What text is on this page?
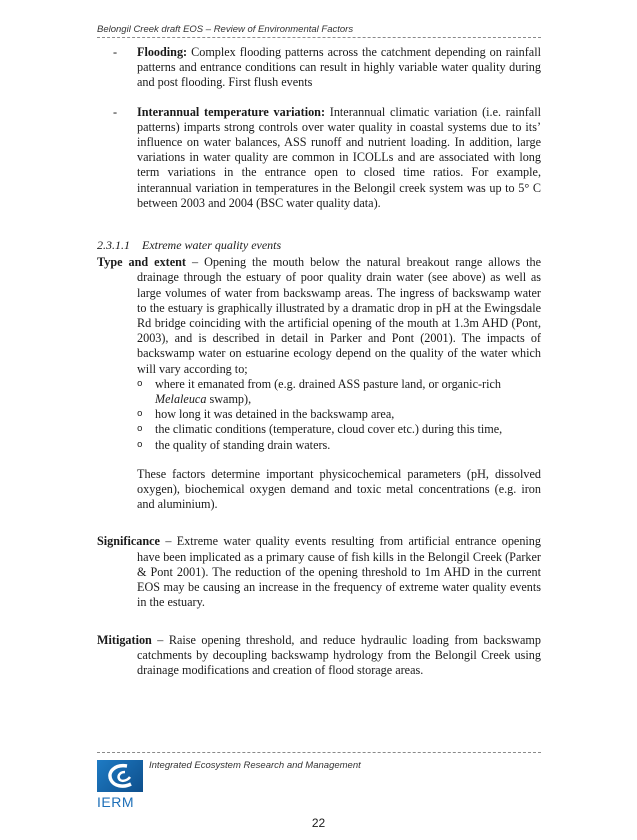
Belongil Creek draft EOS – Review of Environmental Factors

- Flooding: Complex flooding patterns across the catchment depending on rainfall patterns and entrance conditions can result in highly variable water quality during and post flooding. First flush events

- Interannual temperature variation: Interannual climatic variation (i.e. rainfall patterns) imparts strong controls over water quality in coastal systems due to its’ influence on water balances, ASS runoff and nutrient loading. In addition, large variations in water quality are common in ICOLLs and are associated with long term variations in the entrance open to closed time ratios. For example, interannual variation in temperatures in the Belongil creek system was up to 5° C between 2003 and 2004 (BSC water quality data).

2.3.1.1 Extreme water quality events
Type and extent – Opening the mouth below the natural breakout range allows the drainage through the estuary of poor quality drain water (see above) as well as large volumes of water from backswamp areas. The ingress of backswamp water to the estuary is graphically illustrated by a dramatic drop in pH at the Ewingsdale Rd bridge coinciding with the artificial opening of the mouth at 1.3m AHD (Pont, 2003), and is described in detail in Parker and Pont (2001). The impacts of backswamp water on estuarine ecology depend on the quality of the water which will vary according to;
o where it emanated from (e.g. drained ASS pasture land, or organic-rich Melaleuca swamp),
o how long it was detained in the backswamp area,
o the climatic conditions (temperature, cloud cover etc.) during this time,
o the quality of standing drain waters.

These factors determine important physicochemical parameters (pH, dissolved oxygen), biochemical oxygen demand and toxic metal concentrations (e.g. iron and aluminium).

Significance – Extreme water quality events resulting from artificial entrance opening have been implicated as a primary cause of fish kills in the Belongil Creek (Parker & Pont 2001). The reduction of the opening threshold to 1m AHD in the current EOS may be causing an increase in the frequency of extreme water quality events in the estuary.
Mitigation – Raise opening threshold, and reduce hydraulic loading from backswamp catchments by decoupling backswamp hydrology from the Belongil Creek using drainage modifications and creation of flood storage areas.
IERM
Integrated Ecosystem Research and Management
22
